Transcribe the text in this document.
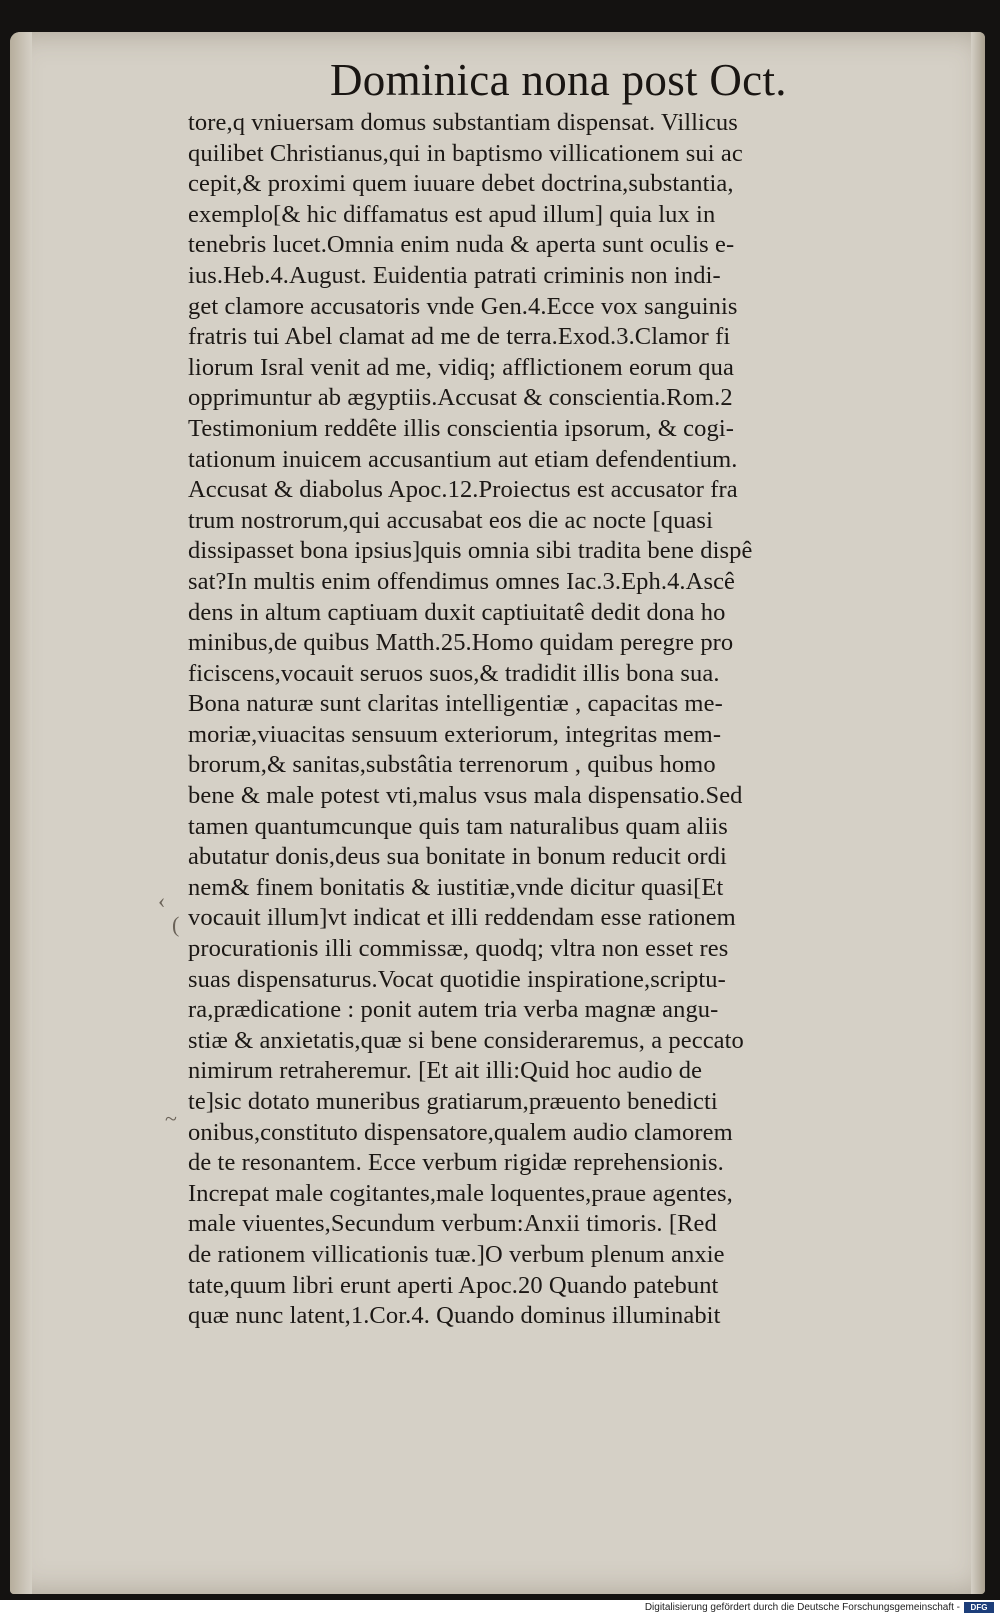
Dominica nona post Oct.
‹
(
~
tore,q vniuersam domus substantiam dispensat. Villicus
quilibet Christianus,qui in baptismo villicationem sui ac
cepit,& proximi quem iuuare debet doctrina,substantia,
exemplo[& hic diffamatus est apud illum] quia lux in
tenebris lucet.Omnia enim nuda & aperta sunt oculis e-
ius.Heb.4.August. Euidentia patrati criminis non indi-
get clamore accusatoris vnde Gen.4.Ecce vox sanguinis
fratris tui Abel clamat ad me de terra.Exod.3.Clamor fi
liorum Isral venit ad me, vidiq; afflictionem eorum qua
opprimuntur ab ægyptiis.Accusat & conscientia.Rom.2
Testimonium reddête illis conscientia ipsorum, & cogi-
tationum inuicem accusantium aut etiam defendentium.
Accusat & diabolus Apoc.12.Proiectus est accusator fra
trum nostrorum,qui accusabat eos die ac nocte [quasi
dissipasset bona ipsius]quis omnia sibi tradita bene dispê
sat?In multis enim offendimus omnes Iac.3.Eph.4.Ascê
dens in altum captiuam duxit captiuitatê dedit dona ho
minibus,de quibus Matth.25.Homo quidam peregre pro
ficiscens,vocauit seruos suos,& tradidit illis bona sua.
Bona naturæ sunt claritas intelligentiæ , capacitas me-
moriæ,viuacitas sensuum exteriorum, integritas mem-
brorum,& sanitas,substâtia terrenorum , quibus homo
bene & male potest vti,malus vsus mala dispensatio.Sed
tamen quantumcunque quis tam naturalibus quam aliis
abutatur donis,deus sua bonitate in bonum reducit ordi
nem& finem bonitatis & iustitiæ,vnde dicitur quasi[Et
vocauit illum]vt indicat et illi reddendam esse rationem
procurationis illi commissæ, quodq; vltra non esset res
suas dispensaturus.Vocat quotidie inspiratione,scriptu-
ra,prædicatione : ponit autem tria verba magnæ angu-
stiæ & anxietatis,quæ si bene consideraremus, a peccato
nimirum retraheremur. [Et ait illi:Quid hoc audio de
te]sic dotato muneribus gratiarum,præuento benedicti
onibus,constituto dispensatore,qualem audio clamorem
de te resonantem. Ecce verbum rigidæ reprehensionis.
Increpat male cogitantes,male loquentes,praue agentes,
male viuentes,Secundum verbum:Anxii timoris. [Red
de rationem villicationis tuæ.]O verbum plenum anxie
tate,quum libri erunt aperti Apoc.20 Quando patebunt
quæ nunc latent,1.Cor.4. Quando dominus illuminabit
Digitalisierung gefördert durch die Deutsche Forschungsgemeinschaft -	DFG
